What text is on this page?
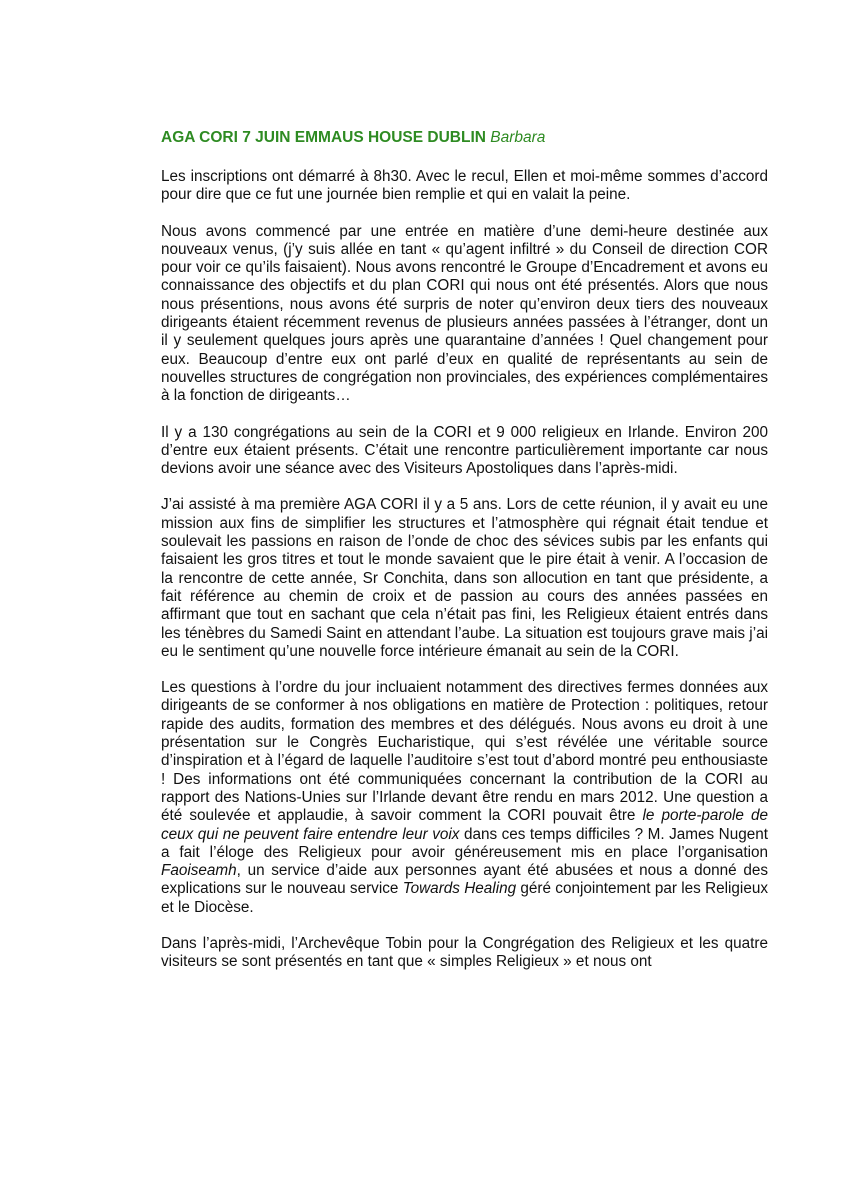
AGA CORI 7 JUIN EMMAUS HOUSE DUBLIN Barbara

Les inscriptions ont démarré à 8h30. Avec le recul, Ellen et moi-même sommes d’accord pour dire que ce fut une journée bien remplie et qui en valait la peine.

Nous avons commencé par une entrée en matière d’une demi-heure destinée aux nouveaux venus, (j’y suis allée en tant « qu’agent infiltré » du Conseil de direction COR pour voir ce qu’ils faisaient). Nous avons rencontré le Groupe d’Encadrement et avons eu connaissance des objectifs et du plan CORI qui nous ont été présentés. Alors que nous nous présentions, nous avons été surpris de noter qu’environ deux tiers des nouveaux dirigeants étaient récemment revenus de plusieurs années passées à l’étranger, dont un il y seulement quelques jours après une quarantaine d’années ! Quel changement pour eux. Beaucoup d’entre eux ont parlé d’eux en qualité de représentants au sein de nouvelles structures de congrégation non provinciales, des expériences complémentaires à la fonction de dirigeants…

Il y a 130 congrégations au sein de la CORI et 9 000 religieux en Irlande. Environ 200 d’entre eux étaient présents. C’était une rencontre particulièrement importante car nous devions avoir une séance avec des Visiteurs Apostoliques dans l’après-midi.

J’ai assisté à ma première AGA CORI il y a 5 ans. Lors de cette réunion, il y avait eu une mission aux fins de simplifier les structures et l’atmosphère qui régnait était tendue et soulevait les passions en raison de l’onde de choc des sévices subis par les enfants qui faisaient les gros titres et tout le monde savaient que le pire était à venir. A l’occasion de la rencontre de cette année, Sr Conchita, dans son allocution en tant que présidente, a fait référence au chemin de croix et de passion au cours des années passées en affirmant que tout en sachant que cela n’était pas fini, les Religieux étaient entrés dans les ténèbres du Samedi Saint en attendant l’aube. La situation est toujours grave mais j’ai eu le sentiment qu’une nouvelle force intérieure émanait au sein de la CORI.

Les questions à l’ordre du jour incluaient notamment des directives fermes données aux dirigeants de se conformer à nos obligations en matière de Protection : politiques, retour rapide des audits, formation des membres et des délégués. Nous avons eu droit à une présentation sur le Congrès Eucharistique, qui s’est révélée une véritable source d’inspiration et à l’égard de laquelle l’auditoire s’est tout d’abord montré peu enthousiaste ! Des informations ont été communiquées concernant la contribution de la CORI au rapport des Nations-Unies sur l’Irlande devant être rendu en mars 2012. Une question a été soulevée et applaudie, à savoir comment la CORI pouvait être le porte-parole de ceux qui ne peuvent faire entendre leur voix dans ces temps difficiles ? M. James Nugent a fait l’éloge des Religieux pour avoir généreusement mis en place l’organisation Faoiseamh, un service d’aide aux personnes ayant été abusées et nous a donné des explications sur le nouveau service Towards Healing géré conjointement par les Religieux et le Diocèse.

Dans l’après-midi, l’Archevêque Tobin pour la Congrégation des Religieux et les quatre visiteurs se sont présentés en tant que « simples Religieux » et nous ont
